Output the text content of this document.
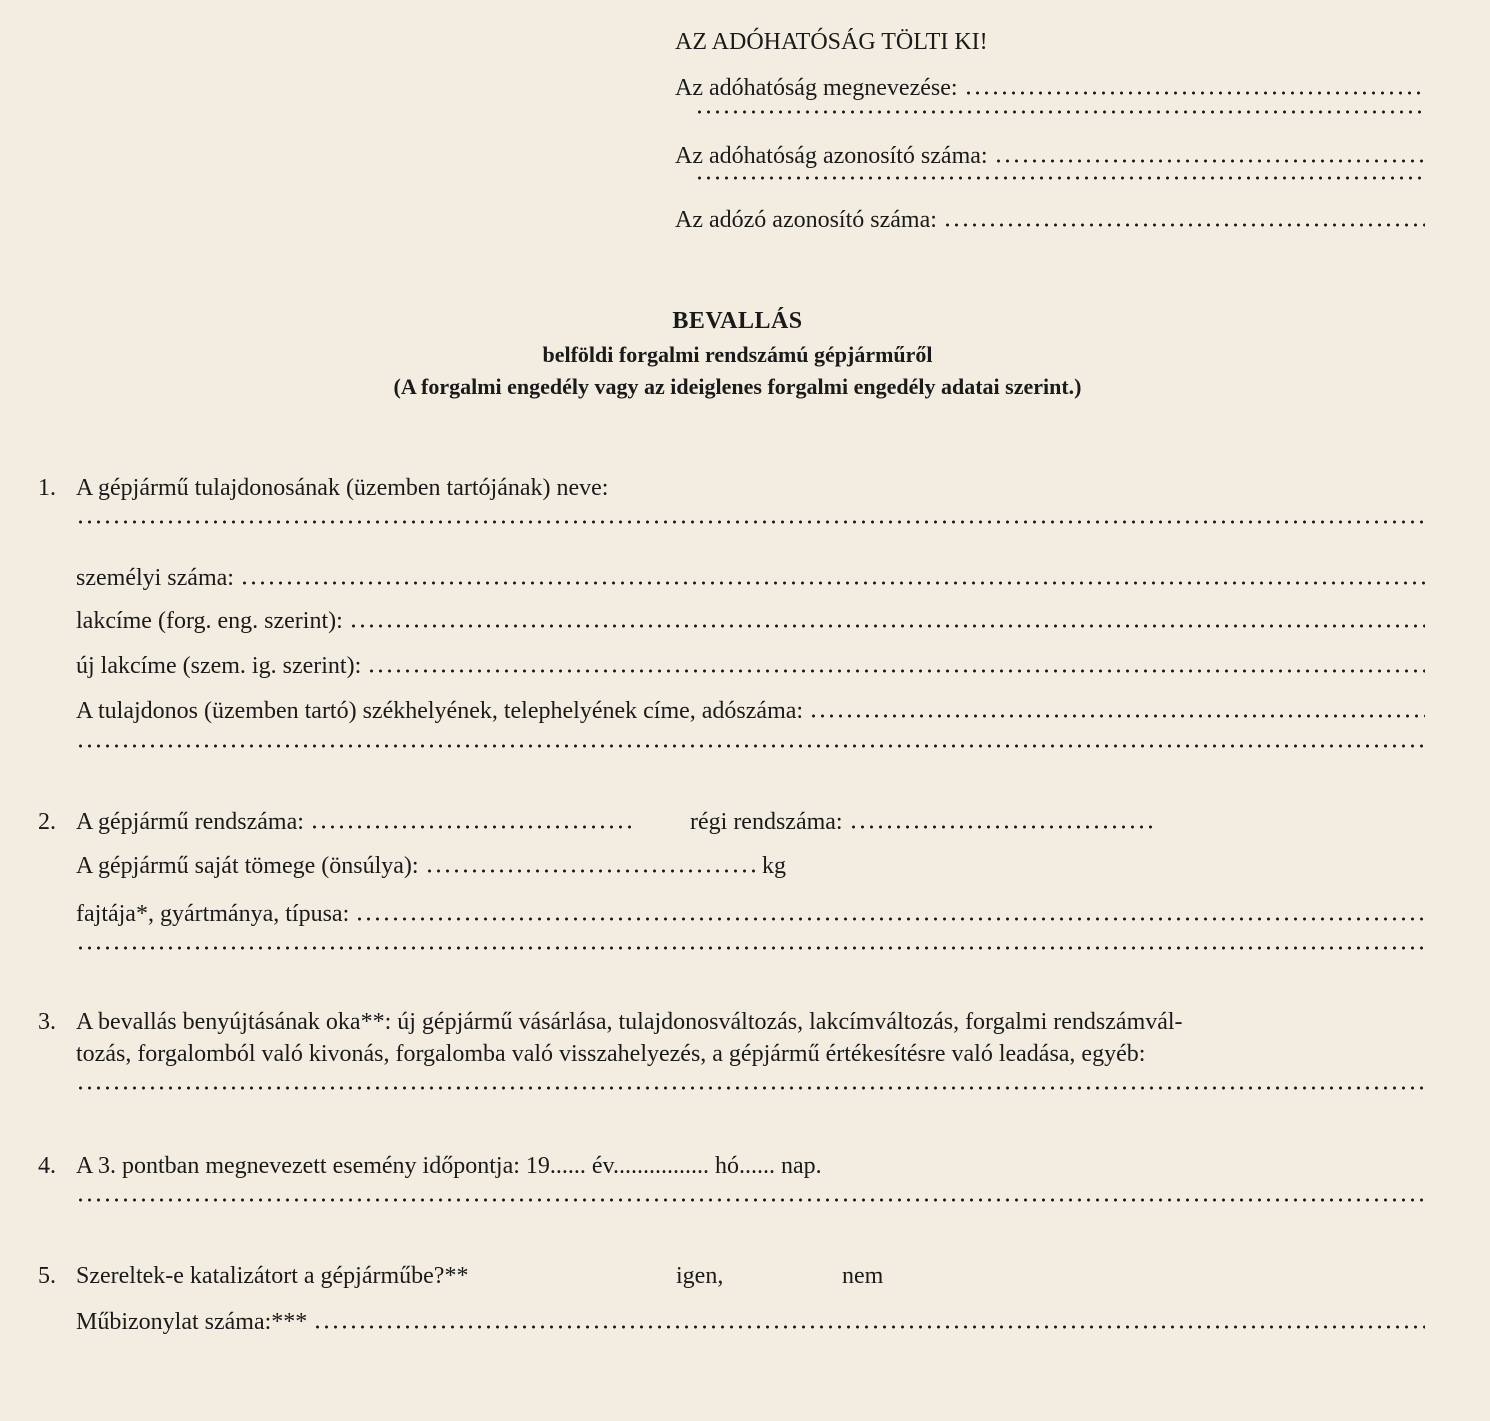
AZ ADÓHATÓSÁG TÖLTI KI!
Az adóhatóság megnevezése:
Az adóhatóság azonosító száma:
Az adózó azonosító száma:
BEVALLÁS
belföldi forgalmi rendszámú gépjárműről
(A forgalmi engedély vagy az ideiglenes forgalmi engedély adatai szerint.)
1. A gépjármű tulajdonosának (üzemben tartójának) neve:
személyi száma:
lakcíme (forg. eng. szerint):
új lakcíme (szem. ig. szerint):
A tulajdonos (üzemben tartó) székhelyének, telephelyének címe, adószáma:
2. A gépjármű rendszáma:	régi rendszáma:
A gépjármű saját tömege (önsúlya):	kg
fajtája*, gyártmánya, típusa:
3. A bevallás benyújtásának oka**: új gépjármű vásárlása, tulajdonosváltozás, lakcímváltozás, forgalmi rendszámvál-
tozás, forgalomból való kivonás, forgalomba való visszahelyezés, a gépjármű értékesítésre való leadása, egyéb:
4. A 3. pontban megnevezett esemény időpontja: 19...... év................ hó...... nap.
5. Szereltek-e katalizátort a gépjárműbe?**	igen,	nem
Műbizonylat száma:***
